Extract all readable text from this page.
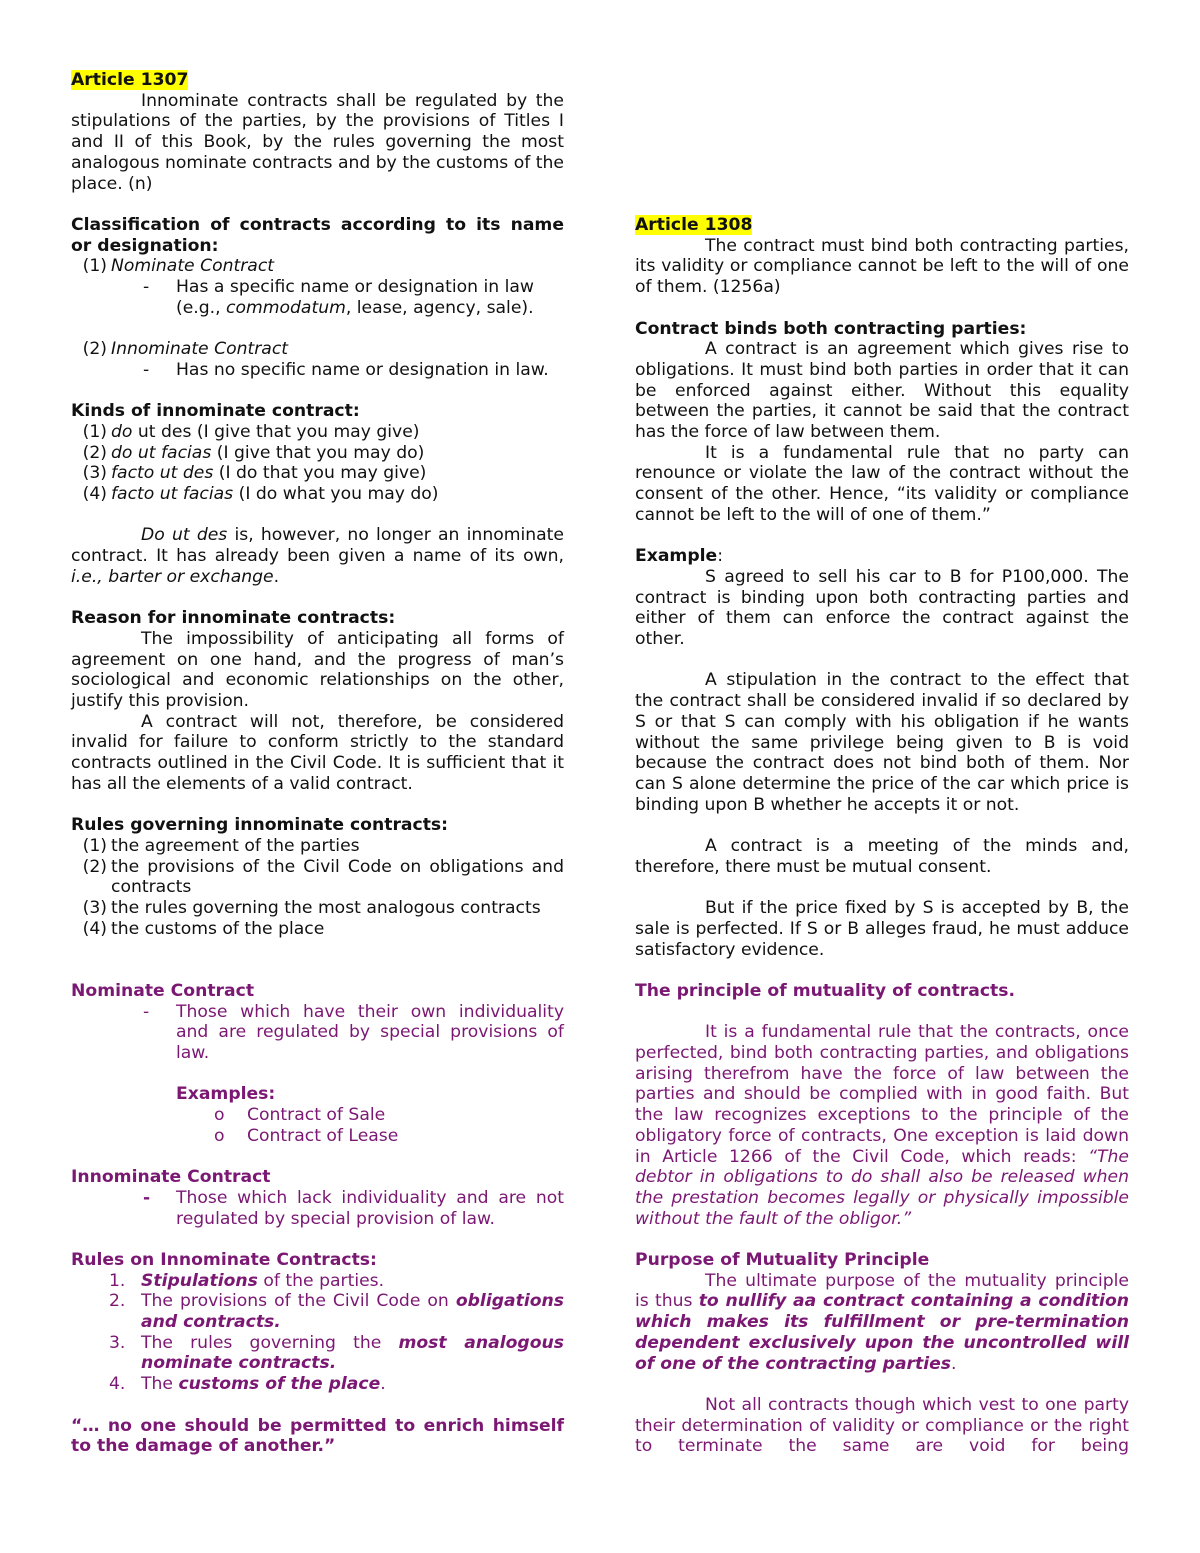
Article 1307

Innominate contracts shall be regulated by the stipulations of the parties, by the provisions of Titles I and II of this Book, by the rules governing the most analogous nominate contracts and by the customs of the place. (n)

Classification of contracts according to its name or designation:

(1) Nominate Contract
-	Has a specific name or designation in law (e.g., commodatum, lease, agency, sale).
(2) Innominate Contract
-	Has no specific name or designation in law.

Kinds of innominate contract:

(1) do ut des (I give that you may give)
(2) do ut facias (I give that you may do)
(3) facto ut des (I do that you may give)
(4) facto ut facias (I do what you may do)

Do ut des is, however, no longer an innominate contract. It has already been given a name of its own, i.e., barter or exchange.

Reason for innominate contracts:

The impossibility of anticipating all forms of agreement on one hand, and the progress of man’s sociological and economic relationships on the other, justify this provision.

A contract will not, therefore, be considered invalid for failure to conform strictly to the standard contracts outlined in the Civil Code. It is sufficient that it has all the elements of a valid contract.

Rules governing innominate contracts:

(1) the agreement of the parties
(2) the provisions of the Civil Code on obligations and contracts
(3) the rules governing the most analogous contracts
(4) the customs of the place

Nominate Contract

-	Those which have their own individuality and are regulated by special provisions of law.

Examples:

o	Contract of Sale
o	Contract of Lease

Innominate Contract

-	Those which lack individuality and are not regulated by special provision of law.

Rules on Innominate Contracts:

1. Stipulations of the parties.
2. The provisions of the Civil Code on obligations and contracts.
3. The rules governing the most analogous nominate contracts.
4. The customs of the place.

“… no one should be permitted to enrich himself to the damage of another.”

Article 1308

The contract must bind both contracting parties, its validity or compliance cannot be left to the will of one of them. (1256a)

Contract binds both contracting parties:

A contract is an agreement which gives rise to obligations. It must bind both parties in order that it can be enforced against either. Without this equality between the parties, it cannot be said that the contract has the force of law between them.

It is a fundamental rule that no party can renounce or violate the law of the contract without the consent of the other. Hence, “its validity or compliance cannot be left to the will of one of them.”

Example:

S agreed to sell his car to B for P100,000. The contract is binding upon both contracting parties and either of them can enforce the contract against the other.

A stipulation in the contract to the effect that the contract shall be considered invalid if so declared by S or that S can comply with his obligation if he wants without the same privilege being given to B is void because the contract does not bind both of them. Nor can S alone determine the price of the car which price is binding upon B whether he accepts it or not.

A contract is a meeting of the minds and, therefore, there must be mutual consent.

But if the price fixed by S is accepted by B, the sale is perfected. If S or B alleges fraud, he must adduce satisfactory evidence.

The principle of mutuality of contracts.

It is a fundamental rule that the contracts, once perfected, bind both contracting parties, and obligations arising therefrom have the force of law between the parties and should be complied with in good faith. But the law recognizes exceptions to the principle of the obligatory force of contracts, One exception is laid down in Article 1266 of the Civil Code, which reads: “The debtor in obligations to do shall also be released when the prestation becomes legally or physically impossible without the fault of the obligor.”

Purpose of Mutuality Principle

The ultimate purpose of the mutuality principle is thus to nullify aa contract containing a condition which makes its fulfillment or pre-termination dependent exclusively upon the uncontrolled will of one of the contracting parties.

Not all contracts though which vest to one party their determination of validity or compliance or the right to terminate the same are void for being
